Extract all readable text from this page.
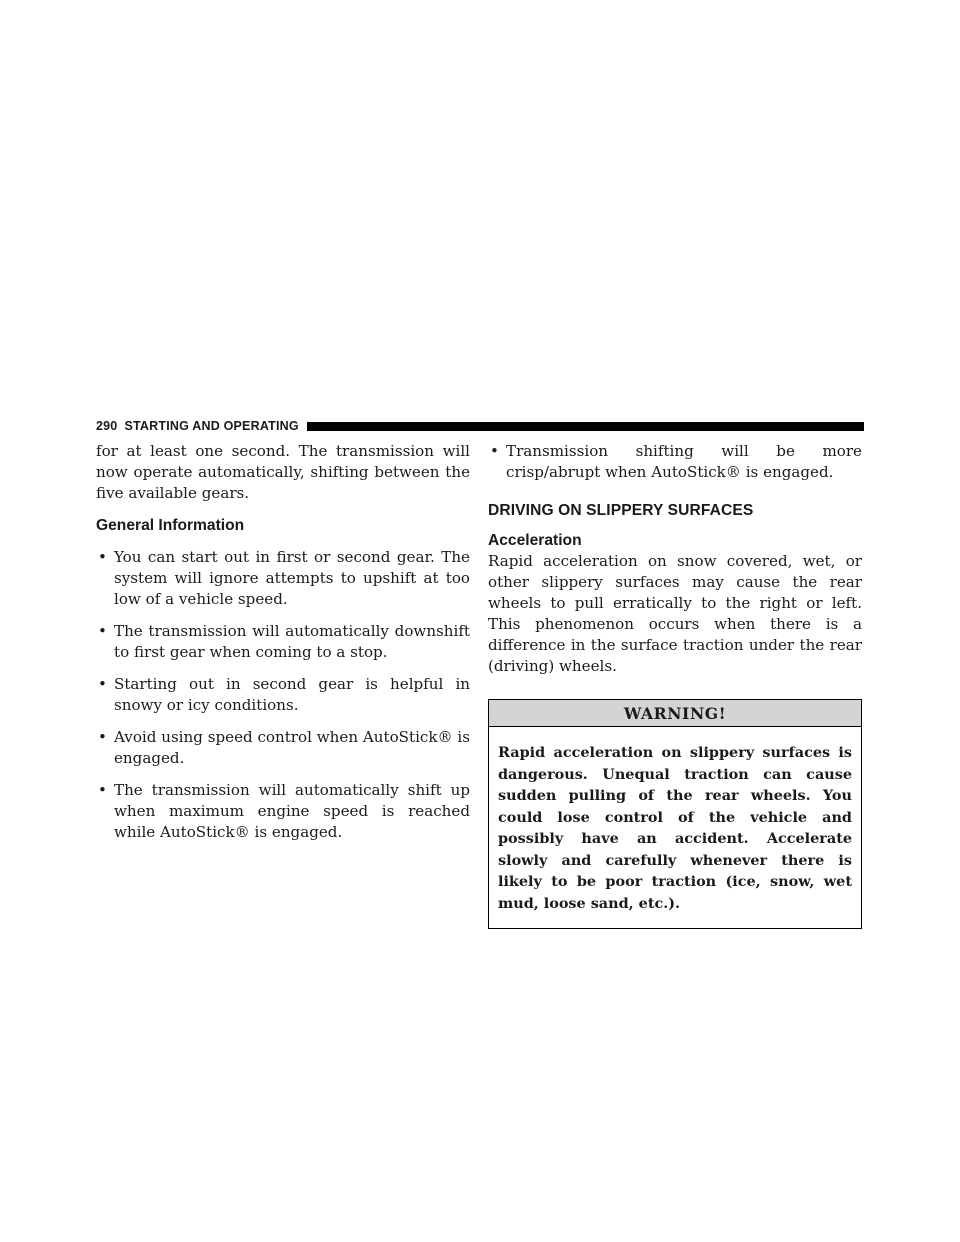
290 STARTING AND OPERATING

for at least one second. The transmission will now operate automatically, shifting between the five available gears.

General Information
• You can start out in first or second gear. The system will ignore attempts to upshift at too low of a vehicle speed.
• The transmission will automatically downshift to first gear when coming to a stop.
• Starting out in second gear is helpful in snowy or icy conditions.
• Avoid using speed control when AutoStick® is engaged.
• The transmission will automatically shift up when maximum engine speed is reached while AutoStick® is engaged.
• Transmission shifting will be more crisp/abrupt when AutoStick® is engaged.
DRIVING ON SLIPPERY SURFACES
Acceleration

Rapid acceleration on snow covered, wet, or other slippery surfaces may cause the rear wheels to pull erratically to the right or left. This phenomenon occurs when there is a difference in the surface traction under the rear (driving) wheels.

WARNING!
Rapid acceleration on slippery surfaces is dangerous. Unequal traction can cause sudden pulling of the rear wheels. You could lose control of the vehicle and possibly have an accident. Accelerate slowly and carefully whenever there is likely to be poor traction (ice, snow, wet mud, loose sand, etc.).
